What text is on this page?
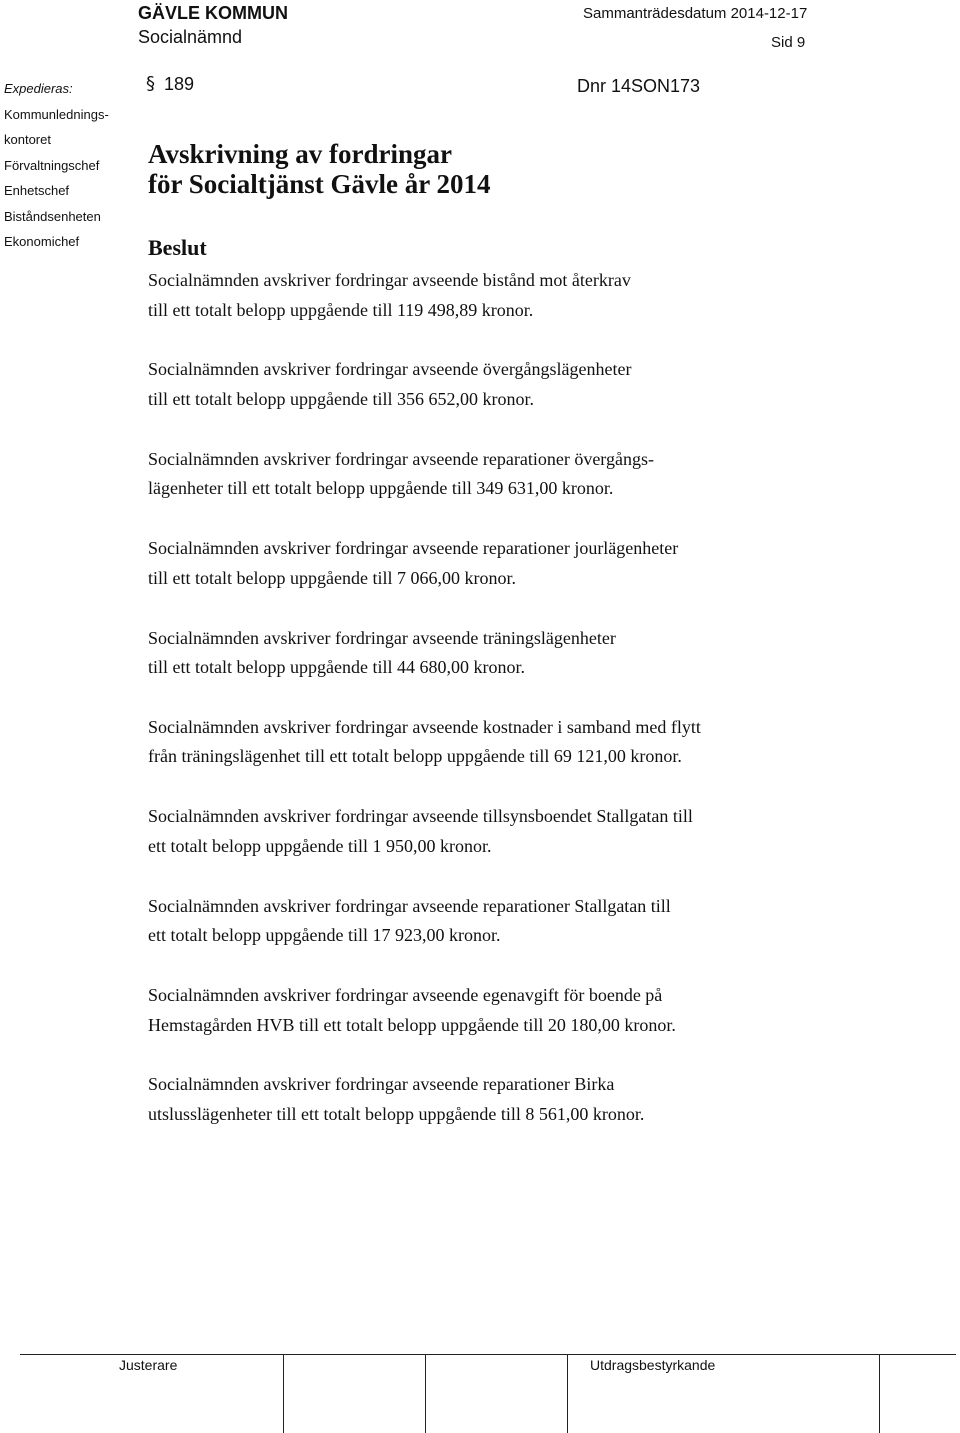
GÄVLE KOMMUN
Socialnämnd
Sammanträdesdatum 2014-12-17
Sid 9
Expedieras:
Kommunlednings-
kontoret
Förvaltningschef
Enhetschef
Biståndsenheten
Ekonomichef
§ 189	Dnr 14SON173
Avskrivning av fordringar
för Socialtjänst Gävle år 2014
Beslut

Socialnämnden avskriver fordringar avseende bistånd mot återkrav
till ett totalt belopp uppgående till 119 498,89 kronor.

Socialnämnden avskriver fordringar avseende övergångslägenheter
till ett totalt belopp uppgående till 356 652,00 kronor.

Socialnämnden avskriver fordringar avseende reparationer övergångs-
lägenheter till ett totalt belopp uppgående till 349 631,00 kronor.

Socialnämnden avskriver fordringar avseende reparationer jourlägenheter
till ett totalt belopp uppgående till 7 066,00 kronor.

Socialnämnden avskriver fordringar avseende träningslägenheter
till ett totalt belopp uppgående till 44 680,00 kronor.

Socialnämnden avskriver fordringar avseende kostnader i samband med flytt
från träningslägenhet till ett totalt belopp uppgående till 69 121,00 kronor.

Socialnämnden avskriver fordringar avseende tillsynsboendet Stallgatan till
ett totalt belopp uppgående till 1 950,00 kronor.

Socialnämnden avskriver fordringar avseende reparationer Stallgatan till
ett totalt belopp uppgående till 17 923,00 kronor.

Socialnämnden avskriver fordringar avseende egenavgift för boende på
Hemstagården HVB till ett totalt belopp uppgående till 20 180,00 kronor.

Socialnämnden avskriver fordringar avseende reparationer Birka
utslusslägenheter till ett totalt belopp uppgående till 8 561,00 kronor.

Justerare	Utdragsbestyrkande
